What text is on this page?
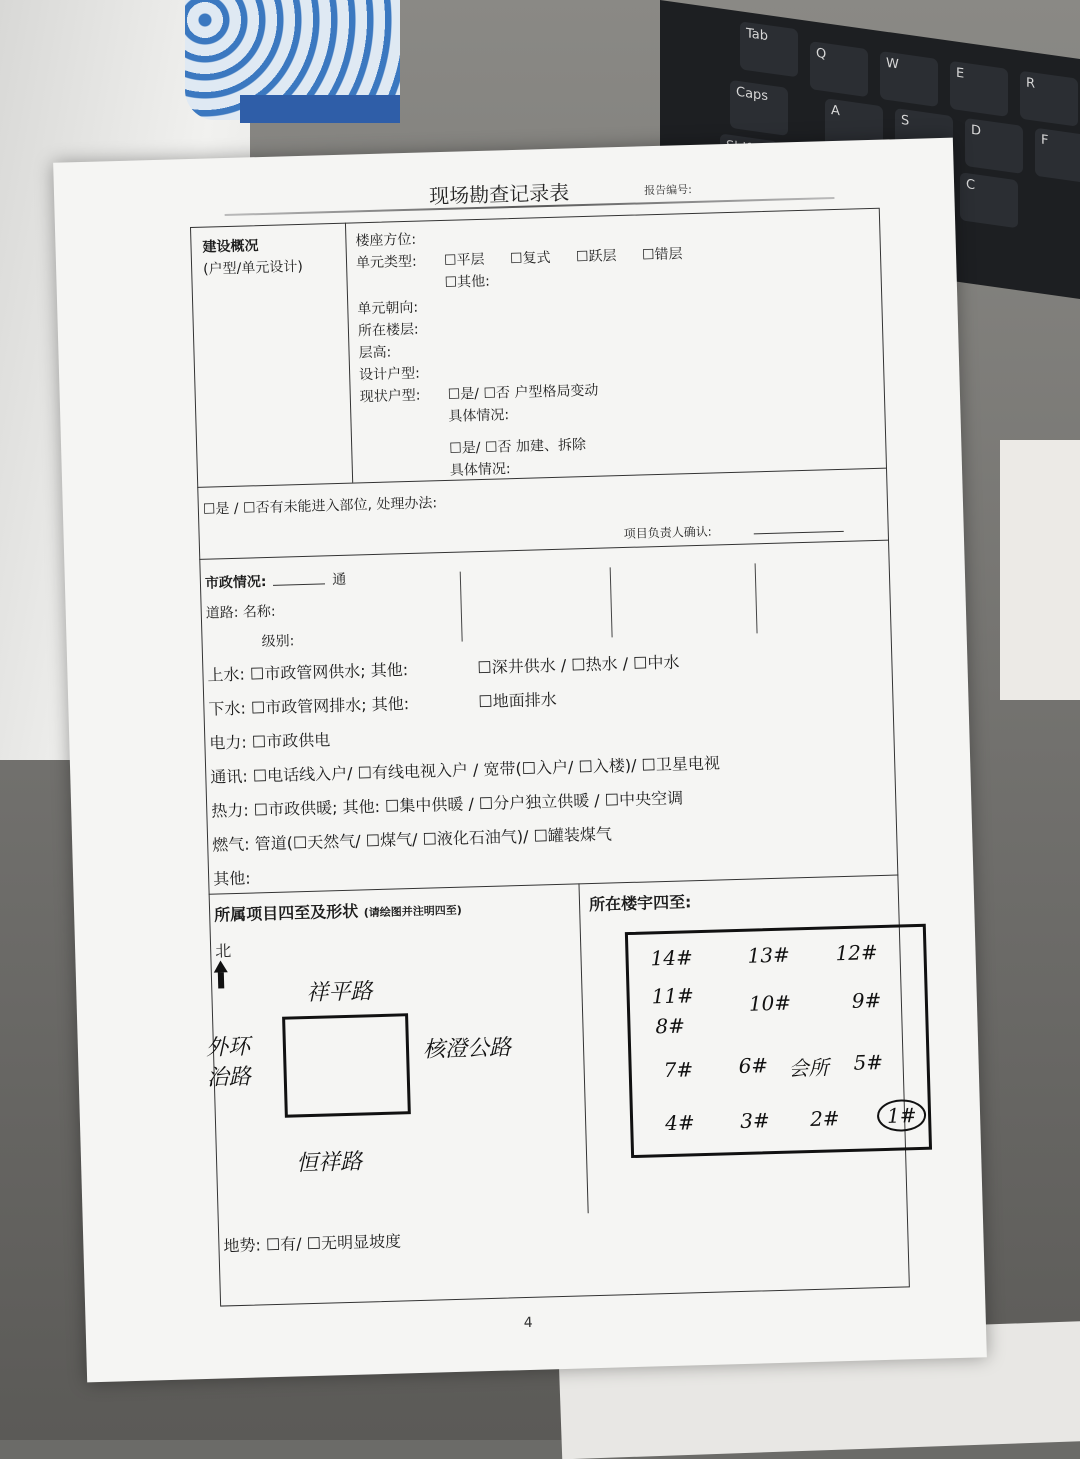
Tab
Q
W
E
R
Caps
A
S
D
F
C
现场勘查记录表	报告编号:
建设概况
(户型/单元设计)
楼座方位:
单元类型: ☐平层 ☐复式 ☐跃层 ☐错层
☐其他:
单元朝向:
所在楼层:
层高:
设计户型:
现状户型: ☐是/ ☐否 户型格局变动
具体情况:
☐是/ ☐否 加建、拆除
具体情况:
☐是 / ☐否有未能进入部位, 处理办法:
项目负责人确认:
市政情况:	通
道路: 名称:
级别:
上水: ☐市政管网供水; 其他:	☐深井供水 / ☐热水 / ☐中水
下水: ☐市政管网排水; 其他:	☐地面排水
电力: ☐市政供电
通讯: ☐电话线入户/ ☐有线电视入户 / 宽带(☐入户/ ☐入楼)/ ☐卫星电视
热力: ☐市政供暖; 其他: ☐集中供暖 / ☐分户独立供暖 / ☐中央空调
燃气: 管道(☐天然气/ ☐煤气/ ☐液化石油气)/ ☐罐装煤气
其他:
所属项目四至及形状 (请绘图并注明四至)	所在楼宇四至:
北
祥平路
外环
治路
核澄公路
恒祥路
14#	13# 12#
11#	10#	9#
8#
7# 6# 会所 5#
4# 3# 2#	1#
地势: ☐有/ ☐无明显坡度
4
